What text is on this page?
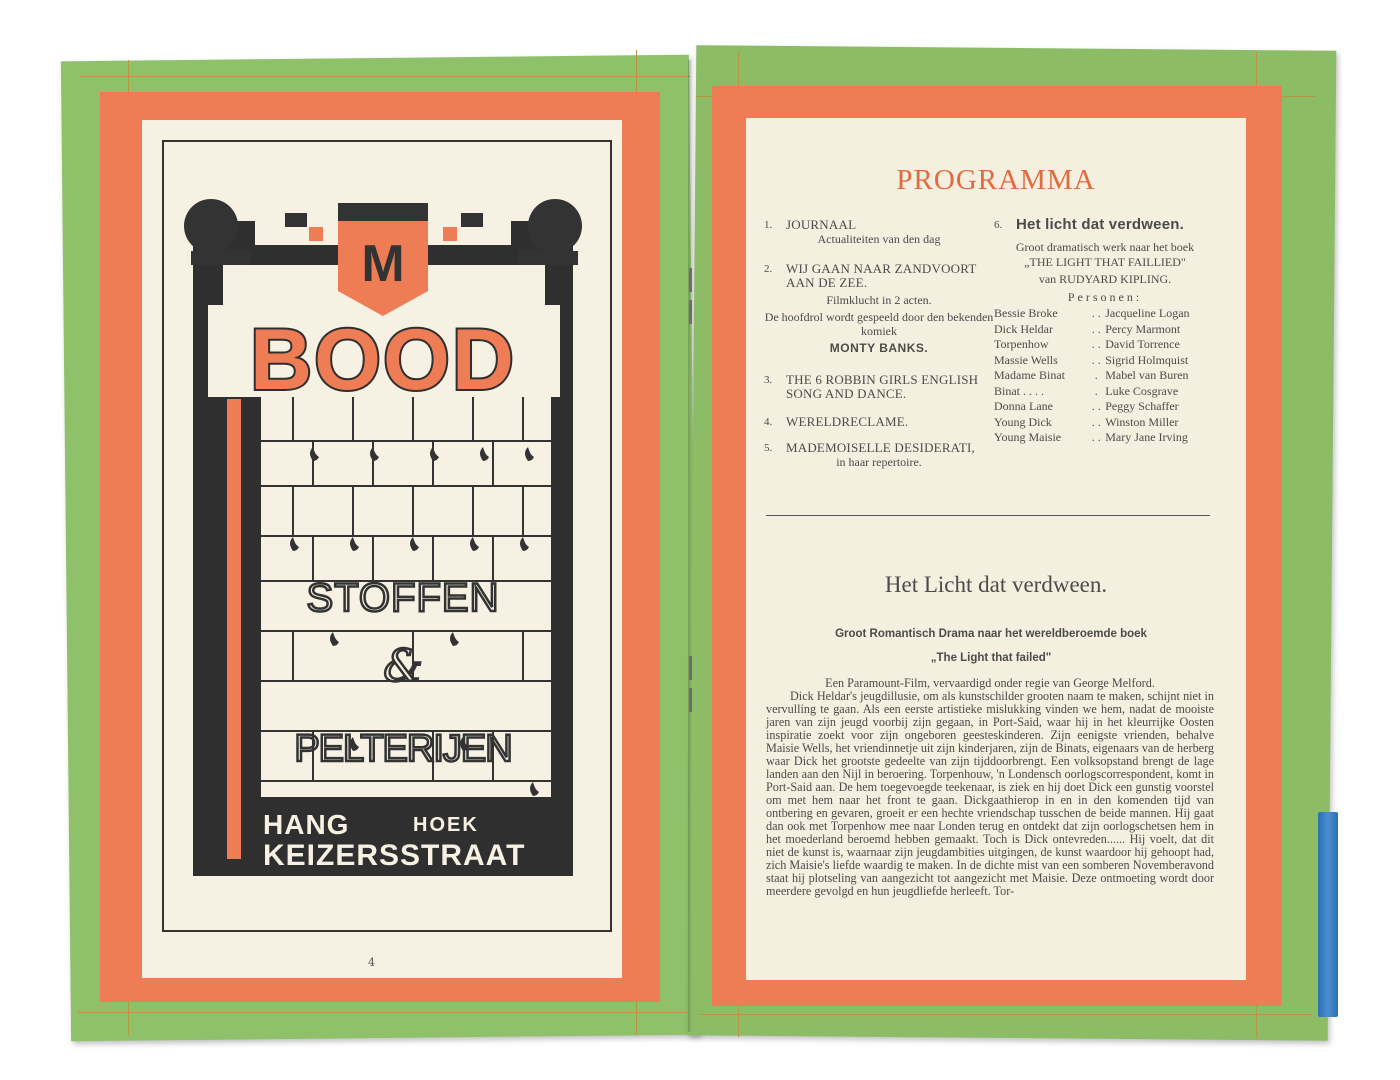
M
BOOD
STOFFEN
&
PELTERIJEN
HANG	HOEK
KEIZERSSTRAAT
4
PROGRAMMA
1. JOURNAAL
Actualiteiten van den dag
2. WIJ GAAN NAAR ZANDVOORT AAN DE ZEE.
Filmklucht in 2 acten.
De hoofdrol wordt gespeeld door den bekenden komiek
MONTY BANKS.
3. THE 6 ROBBIN GIRLS ENGLISH SONG AND DANCE.
4. WERELDRECLAME.
5. MADEMOISELLE DESIDERATI,
in haar repertoire.
6. Het licht dat verdween.
Groot dramatisch werk naar het boek
„THE LIGHT THAT FAILLIED"
van RUDYARD KIPLING.
Personen:
Bessie Broke	. .	Jacqueline Logan
Dick Heldar	. .	Percy Marmont
Torpenhow	. .	David Torrence
Massie Wells	. .	Sigrid Holmquist
Madame Binat	.	Mabel van Buren
Binat . . . .	.	Luke Cosgrave
Donna Lane	. .	Peggy Schaffer
Young Dick	. .	Winston Miller
Young Maisie	. .	Mary Jane Irving
Het Licht dat verdween.
Groot Romantisch Drama naar het wereldberoemde boek
„The Light that failed"

Een Paramount-Film, vervaardigd onder regie van George Melford.

Dick Heldar's jeugdillusie, om als kunstschilder grooten naam te maken, schijnt niet in vervulling te gaan. Als een eerste artistieke mislukking vinden we hem, nadat de mooiste jaren van zijn jeugd voorbij zijn gegaan, in Port-Said, waar hij in het kleurrijke Oosten inspiratie zoekt voor zijn ongeboren geesteskinderen. Zijn eenigste vrienden, behalve Maisie Wells, het vriendinnetje uit zijn kinderjaren, zijn de Binats, eigenaars van de herberg waar Dick het grootste gedeelte van zijn tijddoorbrengt. Een volksopstand brengt de lage landen aan den Nijl in beroering. Torpenhouw, 'n Londensch oorlogscorrespondent, komt in Port-Said aan. De hem toegevoegde teekenaar, is ziek en hij doet Dick een gunstig voorstel om met hem naar het front te gaan. Dickgaathierop in en in den komenden tijd van ontbering en gevaren, groeit er een hechte vriendschap tusschen de beide mannen. Hij gaat dan ook met Torpenhow mee naar Londen terug en ontdekt dat zijn oorlogschetsen hem in het moederland beroemd hebben gemaakt. Toch is Dick ontevreden...... Hij voelt, dat dit niet de kunst is, waarnaar zijn jeugdambities uitgingen, de kunst waardoor hij gehoopt had, zich Maisie's liefde waardig te maken. In de dichte mist van een somberen Novemberavond staat hij plotseling van aangezicht tot aangezicht met Maisie. Deze ontmoeting wordt door meerdere gevolgd en hun jeugdliefde herleeft. Tor-
